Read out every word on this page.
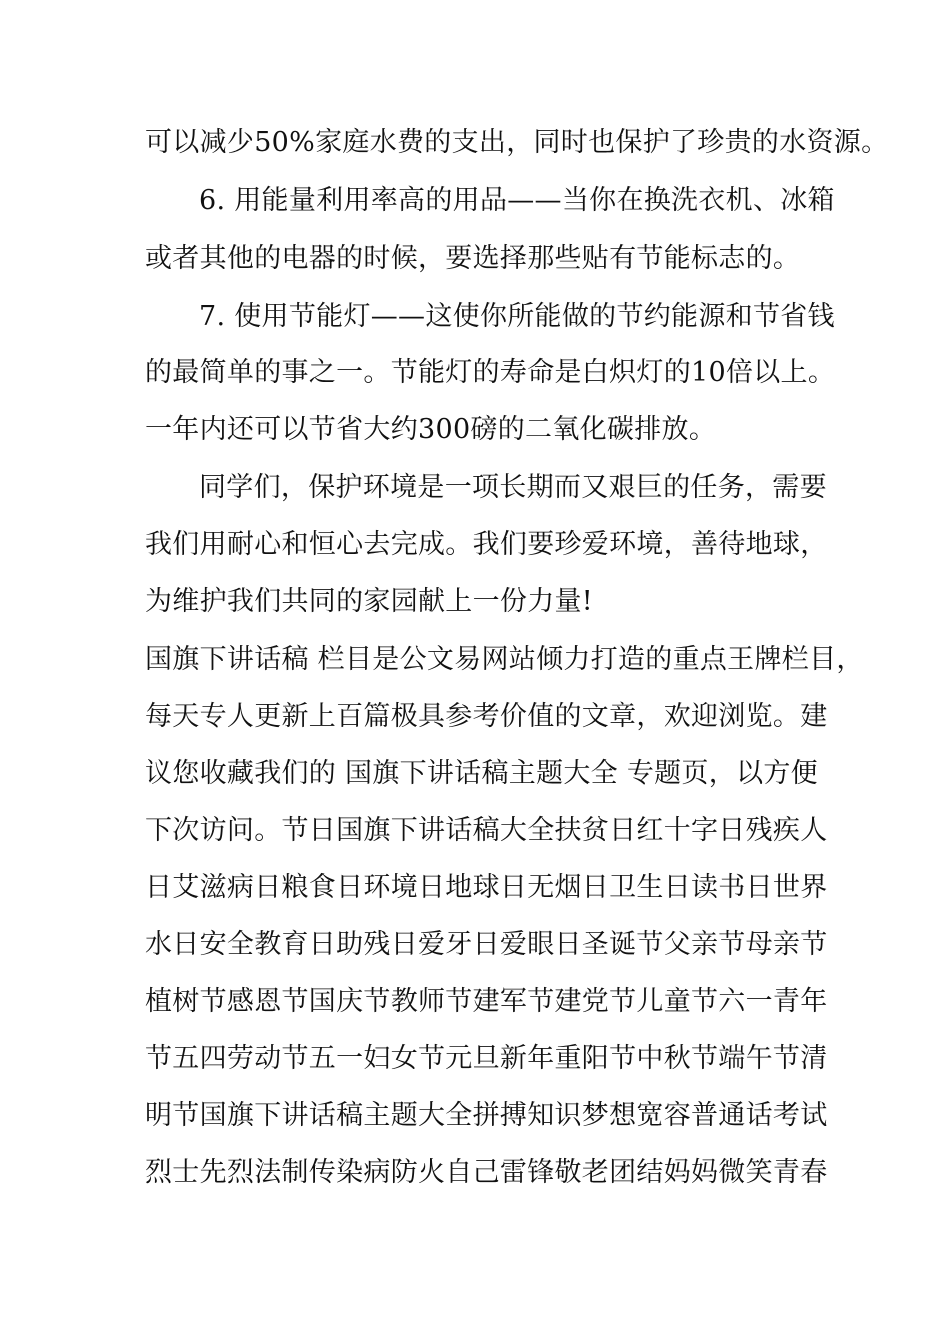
可以减少50%家庭水费的支出，同时也保护了珍贵的水资源。
6. 用能量利用率高的用品——当你在换洗衣机、冰箱
或者其他的电器的时候，要选择那些贴有节能标志的。
7. 使用节能灯——这使你所能做的节约能源和节省钱
的最简单的事之一。节能灯的寿命是白炽灯的10倍以上。
一年内还可以节省大约300磅的二氧化碳排放。
同学们，保护环境是一项长期而又艰巨的任务，需要
我们用耐心和恒心去完成。我们要珍爱环境，善待地球，
为维护我们共同的家园献上一份力量!
国旗下讲话稿 栏目是公文易网站倾力打造的重点王牌栏目，
每天专人更新上百篇极具参考价值的文章，欢迎浏览。建
议您收藏我们的 国旗下讲话稿主题大全 专题页，以方便
下次访问。节日国旗下讲话稿大全扶贫日红十字日残疾人
日艾滋病日粮食日环境日地球日无烟日卫生日读书日世界
水日安全教育日助残日爱牙日爱眼日圣诞节父亲节母亲节
植树节感恩节国庆节教师节建军节建党节儿童节六一青年
节五四劳动节五一妇女节元旦新年重阳节中秋节端午节清
明节国旗下讲话稿主题大全拼搏知识梦想宽容普通话考试
烈士先烈法制传染病防火自己雷锋敬老团结妈妈微笑青春
